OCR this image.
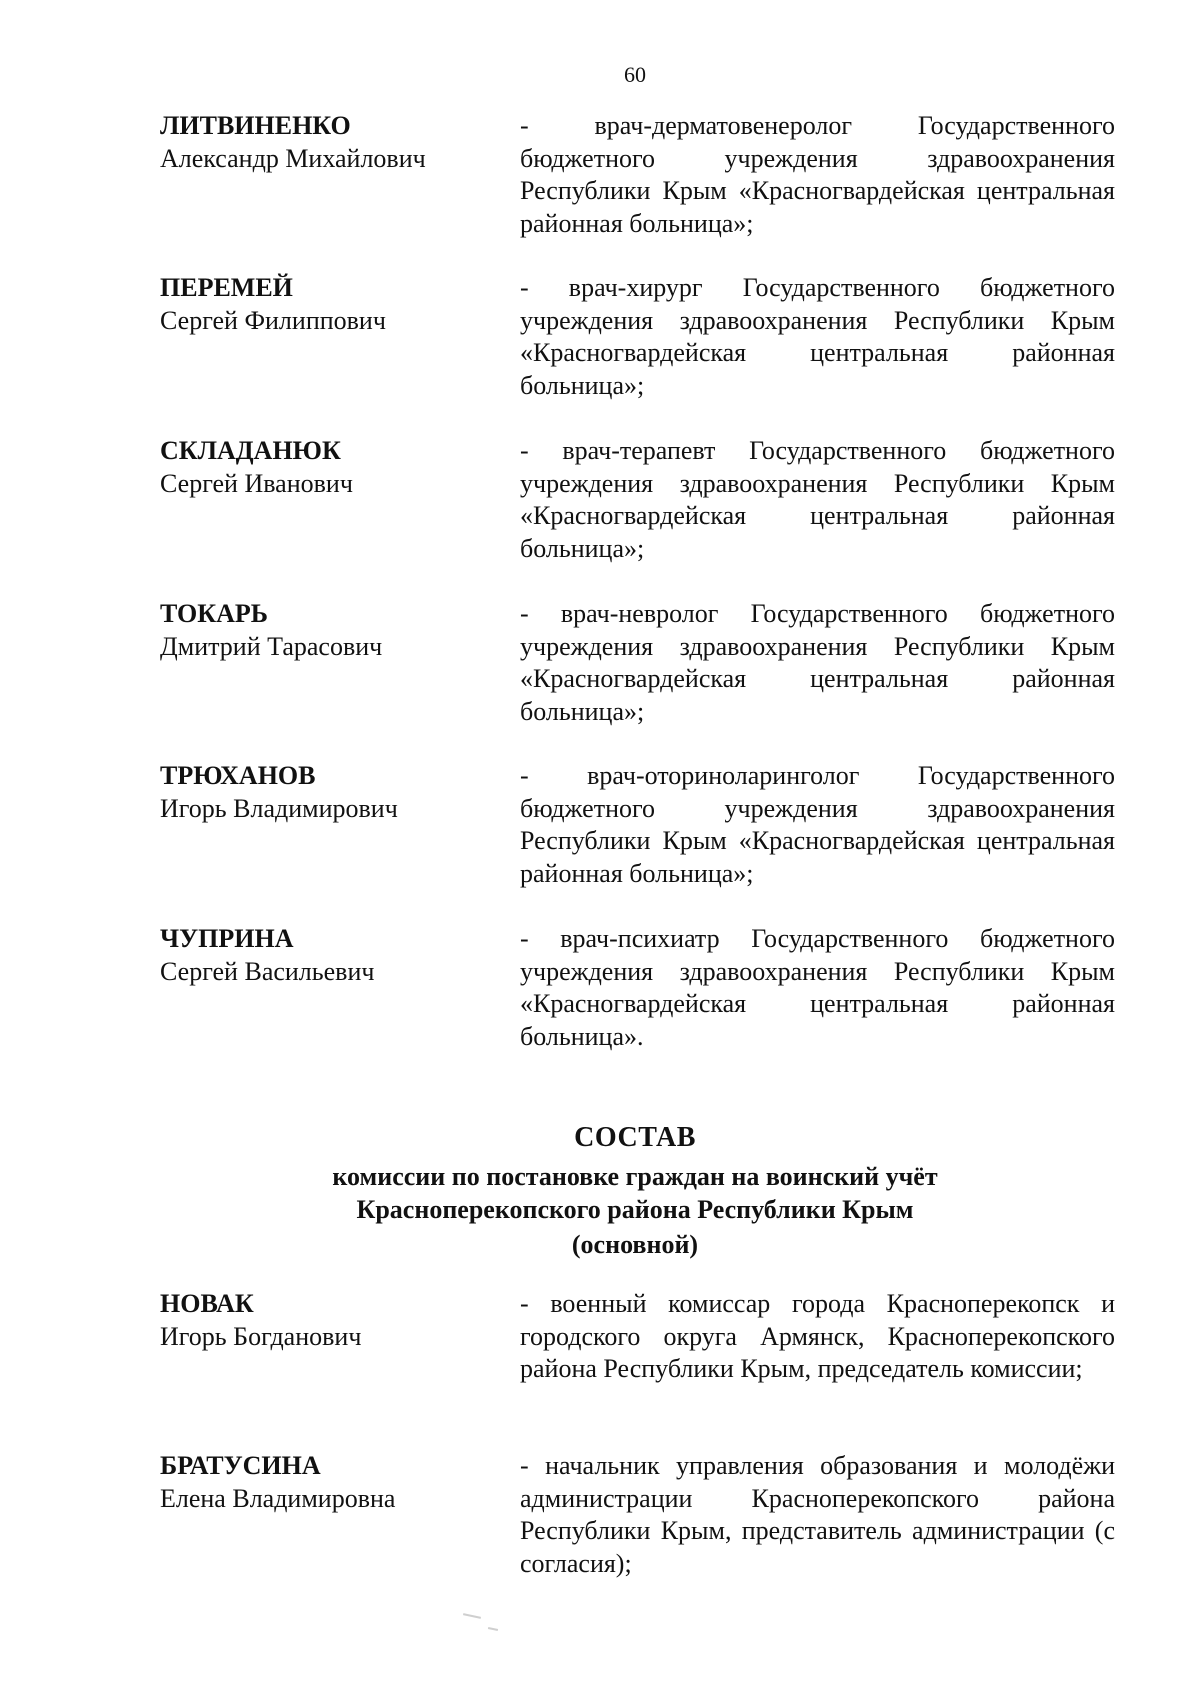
60
ЛИТВИНЕНКО
Александр Михайлович
- врач-дерматовенеролог Государственного бюджетного учреждения здравоохранения Республики Крым «Красногвардейская центральная районная больница»;
ПЕРЕМЕЙ
Сергей Филиппович
- врач-хирург Государственного бюджетного учреждения здравоохранения Республики Крым «Красногвардейская центральная районная больница»;
СКЛАДАНЮК
Сергей Иванович
- врач-терапевт Государственного бюджетного учреждения здравоохранения Республики Крым «Красногвардейская центральная районная больница»;
ТОКАРЬ
Дмитрий Тарасович
- врач-невролог Государственного бюджетного учреждения здравоохранения Республики Крым «Красногвардейская центральная районная больница»;
ТРЮХАНОВ
Игорь Владимирович
- врач-оториноларинголог Государственного бюджетного учреждения здравоохранения Республики Крым «Красногвардейская центральная районная больница»;
ЧУПРИНА
Сергей Васильевич
- врач-психиатр Государственного бюджетного учреждения здравоохранения Республики Крым «Красногвардейская центральная районная больница».
СОСТАВ
комиссии по постановке граждан на воинский учёт
Красноперекопского района Республики Крым
(основной)
НОВАК
Игорь Богданович
- военный комиссар города Красноперекопск и городского округа Армянск, Красноперекопского района Республики Крым, председатель комиссии;
БРАТУСИНА
Елена Владимировна
- начальник управления образования и молодёжи администрации Красноперекопского района Республики Крым, представитель администрации (с согласия);
